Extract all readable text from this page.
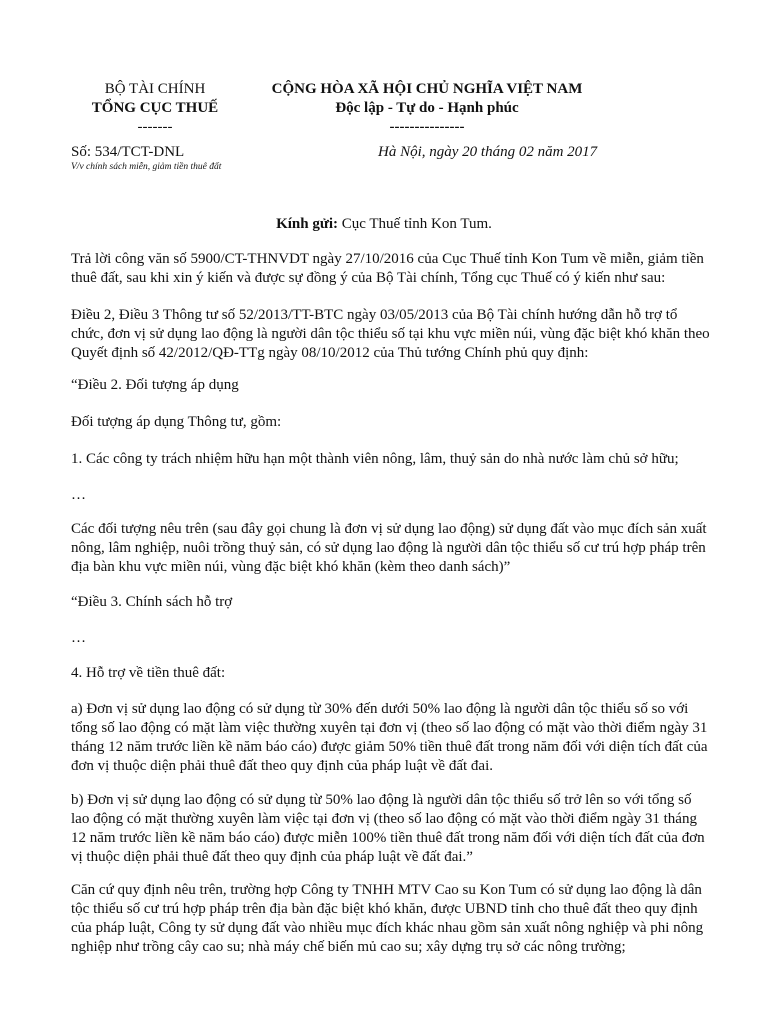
BỘ TÀI CHÍNH
TỔNG CỤC THUẾ
-------
CỘNG HÒA XÃ HỘI CHỦ NGHĨA VIỆT NAM
Độc lập - Tự do - Hạnh phúc
---------------
Số: 534/TCT-DNL
V/v chính sách miễn, giảm tiền thuê đất
Hà Nội, ngày 20 tháng 02 năm 2017
Kính gửi: Cục Thuế tỉnh Kon Tum.

Trả lời công văn số 5900/CT-THNVDT ngày 27/10/2016 của Cục Thuế tỉnh Kon Tum về miễn, giảm tiền thuê đất, sau khi xin ý kiến và được sự đồng ý của Bộ Tài chính, Tổng cục Thuế có ý kiến như sau:

Điều 2, Điều 3 Thông tư số 52/2013/TT-BTC ngày 03/05/2013 của Bộ Tài chính hướng dẫn hỗ trợ tổ chức, đơn vị sử dụng lao động là người dân tộc thiểu số tại khu vực miền núi, vùng đặc biệt khó khăn theo Quyết định số 42/2012/QĐ-TTg ngày 08/10/2012 của Thủ tướng Chính phủ quy định:

“Điều 2. Đối tượng áp dụng

Đối tượng áp dụng Thông tư, gồm:

1. Các công ty trách nhiệm hữu hạn một thành viên nông, lâm, thuỷ sản do nhà nước làm chủ sở hữu;

…

Các đối tượng nêu trên (sau đây gọi chung là đơn vị sử dụng lao động) sử dụng đất vào mục đích sản xuất nông, lâm nghiệp, nuôi trồng thuỷ sản, có sử dụng lao động là người dân tộc thiểu số cư trú hợp pháp trên địa bàn khu vực miền núi, vùng đặc biệt khó khăn (kèm theo danh sách)”

“Điều 3. Chính sách hỗ trợ

…

4. Hỗ trợ về tiền thuê đất:

a) Đơn vị sử dụng lao động có sử dụng từ 30% đến dưới 50% lao động là người dân tộc thiểu số so với tổng số lao động có mặt làm việc thường xuyên tại đơn vị (theo số lao động có mặt vào thời điểm ngày 31 tháng 12 năm trước liền kề năm báo cáo) được giảm 50% tiền thuê đất trong năm đối với diện tích đất của đơn vị thuộc diện phải thuê đất theo quy định của pháp luật về đất đai.

b) Đơn vị sử dụng lao động có sử dụng từ 50% lao động là người dân tộc thiểu số trở lên so với tổng số lao động có mặt thường xuyên làm việc tại đơn vị (theo số lao động có mặt vào thời điểm ngày 31 tháng 12 năm trước liền kề năm báo cáo) được miễn 100% tiền thuê đất trong năm đối với diện tích đất của đơn vị thuộc diện phải thuê đất theo quy định của pháp luật về đất đai.”

Căn cứ quy định nêu trên, trường hợp Công ty TNHH MTV Cao su Kon Tum có sử dụng lao động là dân tộc thiểu số cư trú hợp pháp trên địa bàn đặc biệt khó khăn, được UBND tỉnh cho thuê đất theo quy định của pháp luật, Công ty sử dụng đất vào nhiều mục đích khác nhau gồm sản xuất nông nghiệp và phi nông nghiệp như trồng cây cao su; nhà máy chế biến mủ cao su; xây dựng trụ sở các nông trường;
